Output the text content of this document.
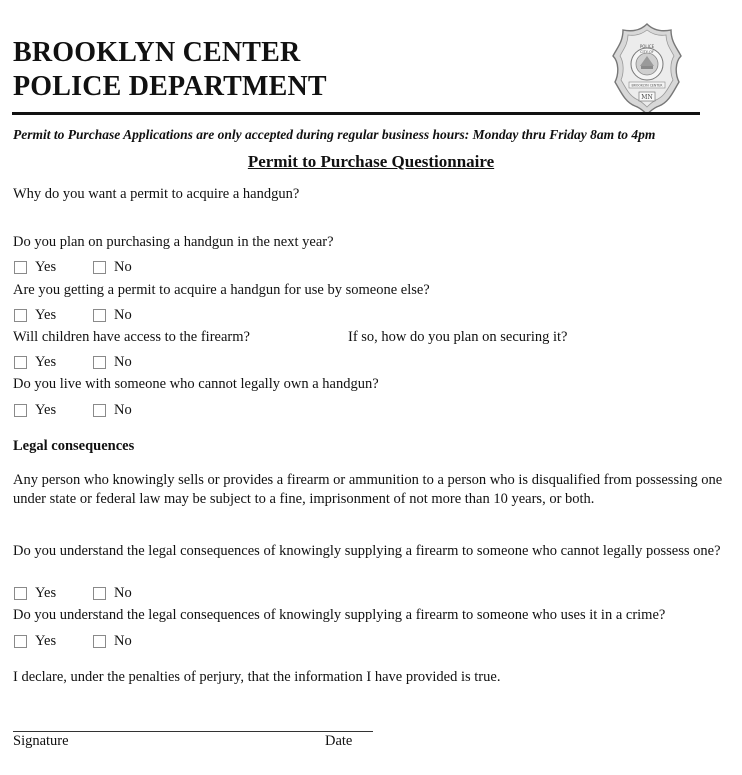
BROOKLYN CENTER
POLICE DEPARTMENT
POLICE
CITY OF
BROOKLYN CENTER
MN
Permit to Purchase Applications are only accepted during regular business hours: Monday thru Friday 8am to 4pm
Permit to Purchase Questionnaire
Why do you want a permit to acquire a handgun?
Do you plan on purchasing a handgun in the next year?
Yes	No
Are you getting a permit to acquire a handgun for use by someone else?
Yes	No
Will children have access to the firearm?	If so, how do you plan on securing it?
Yes	No
Do you live with someone who cannot legally own a handgun?
Yes	No
Legal consequences
Any person who knowingly sells or provides a firearm or ammunition to a person who is disqualified from possessing one under state or federal law may be subject to a fine, imprisonment of not more than 10 years, or both.
Do you understand the legal consequences of knowingly supplying a firearm to someone who cannot legally possess one?
Yes	No
Do you understand the legal consequences of knowingly supplying a firearm to someone who uses it in a crime?
Yes	No
I declare, under the penalties of perjury, that the information I have provided is true.
Signature	Date
